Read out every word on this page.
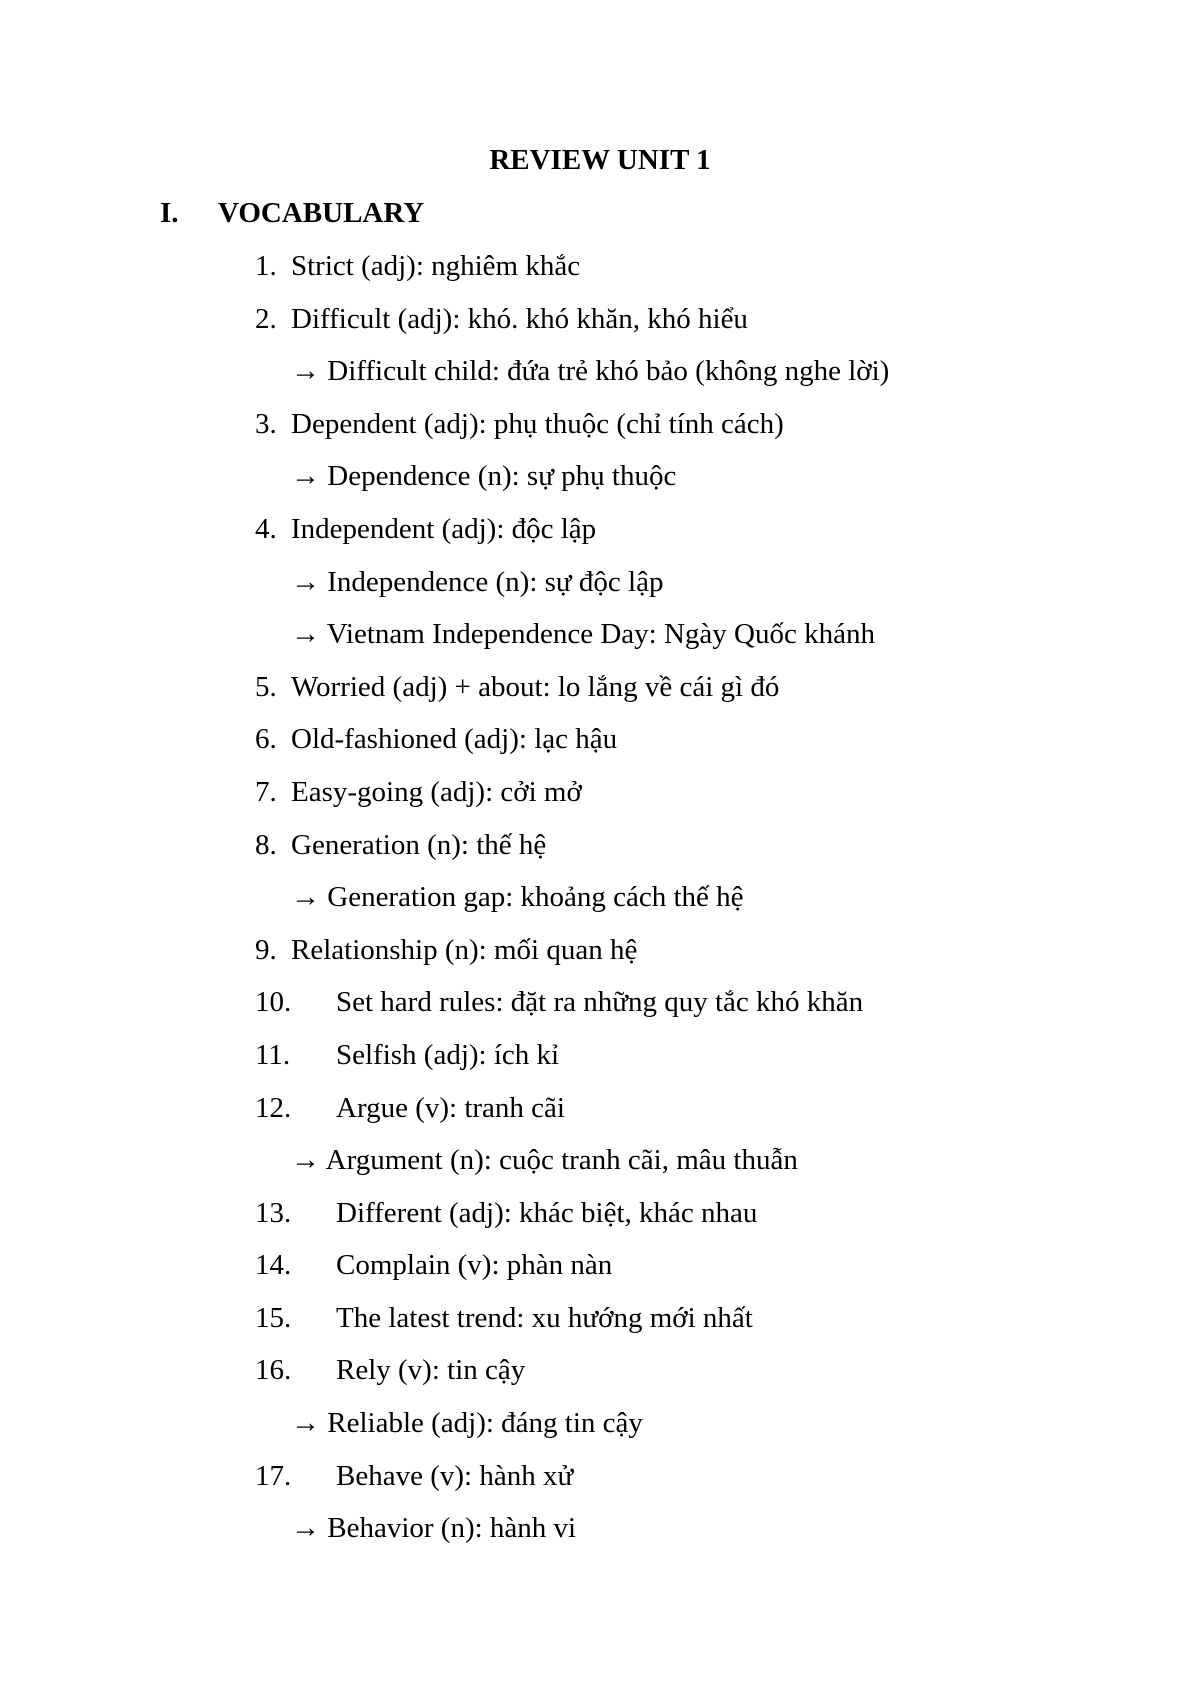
REVIEW UNIT 1
I. VOCABULARY
1. Strict (adj): nghiêm khắc
2. Difficult (adj): khó. khó khăn, khó hiểu
→ Difficult child: đứa trẻ khó bảo (không nghe lời)
3. Dependent (adj): phụ thuộc (chỉ tính cách)
→ Dependence (n): sự phụ thuộc
4. Independent (adj): độc lập
→ Independence (n): sự độc lập
→ Vietnam Independence Day: Ngày Quốc khánh
5. Worried (adj) + about: lo lắng về cái gì đó
6. Old-fashioned (adj): lạc hậu
7. Easy-going (adj): cởi mở
8. Generation (n): thế hệ
→ Generation gap: khoảng cách thế hệ
9. Relationship (n): mối quan hệ
10. Set hard rules: đặt ra những quy tắc khó khăn
11. Selfish (adj): ích kỉ
12. Argue (v): tranh cãi
→ Argument (n): cuộc tranh cãi, mâu thuẫn
13. Different (adj): khác biệt, khác nhau
14. Complain (v): phàn nàn
15. The latest trend: xu hướng mới nhất
16. Rely (v): tin cậy
→ Reliable (adj): đáng tin cậy
17. Behave (v): hành xử
→ Behavior (n): hành vi
